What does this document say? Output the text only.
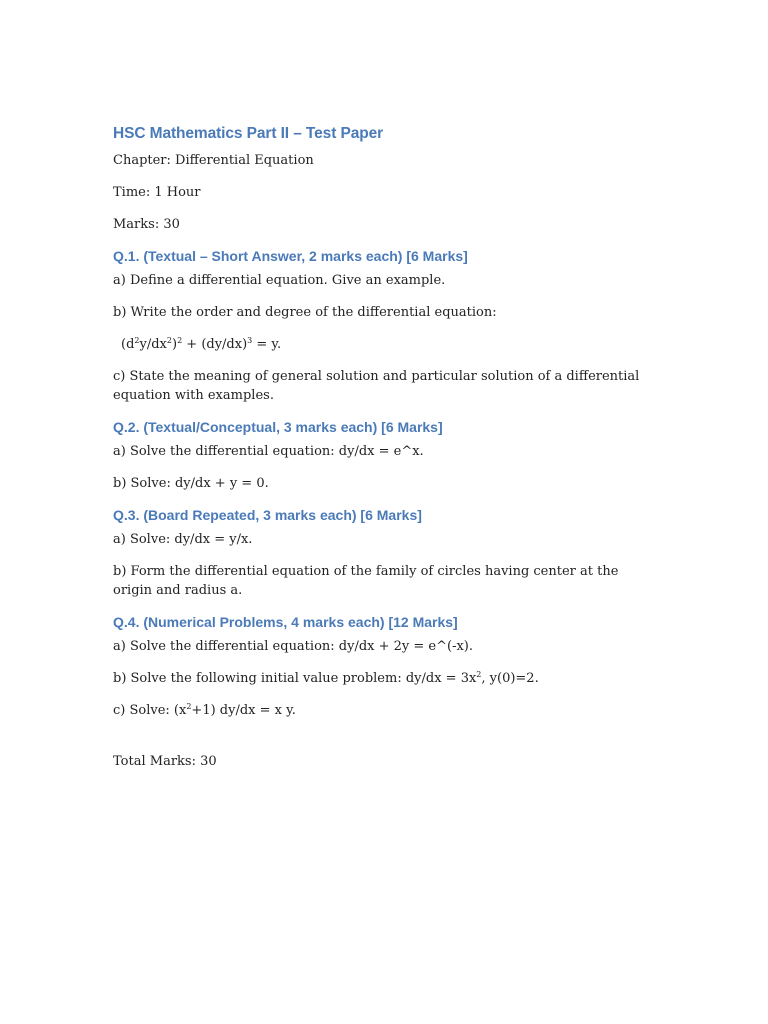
HSC Mathematics Part II – Test Paper
Chapter: Differential Equation
Time: 1 Hour
Marks: 30
Q.1. (Textual – Short Answer, 2 marks each) [6 Marks]
a) Define a differential equation. Give an example.
b) Write the order and degree of the differential equation:
$(d^2y/dx^2)^2 + (dy/dx)^3 = y$.
c) State the meaning of general solution and particular solution of a differential equation with examples.
Q.2. (Textual/Conceptual, 3 marks each) [6 Marks]
a) Solve the differential equation: dy/dx = e^x.
b) Solve: dy/dx + y = 0.
Q.3. (Board Repeated, 3 marks each) [6 Marks]
a) Solve: dy/dx = y/x.
b) Form the differential equation of the family of circles having center at the origin and radius a.
Q.4. (Numerical Problems, 4 marks each) [12 Marks]
a) Solve the differential equation: dy/dx + 2y = e^(-x).
b) Solve the following initial value problem: $dy/dx = 3x^2$, y(0)=2.
c) Solve: $(x^2+1) dy/dx = x$ y.
Total Marks: 30
